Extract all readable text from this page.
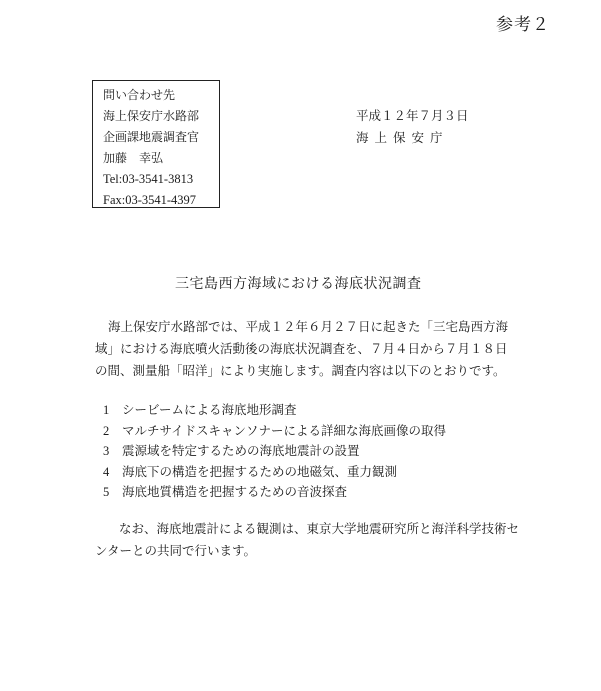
参考２
問い合わせ先
海上保安庁水路部
企画課地震調査官
加藤　幸弘
Tel:03-3541-3813
Fax:03-3541-4397
平成１２年７月３日
海上保安庁
三宅島西方海域における海底状況調査
海上保安庁水路部では、平成１２年６月２７日に起きた「三宅島西方海
域」における海底噴火活動後の海底状況調査を、７月４日から７月１８日
の間、測量船「昭洋」により実施します。調査内容は以下のとおりです。
1 シービームによる海底地形調査
2 マルチサイドスキャンソナーによる詳細な海底画像の取得
3 震源域を特定するための海底地震計の設置
4 海底下の構造を把握するための地磁気、重力観測
5 海底地質構造を把握するための音波探査
なお、海底地震計による観測は、東京大学地震研究所と海洋科学技術セ
ンターとの共同で行います。
